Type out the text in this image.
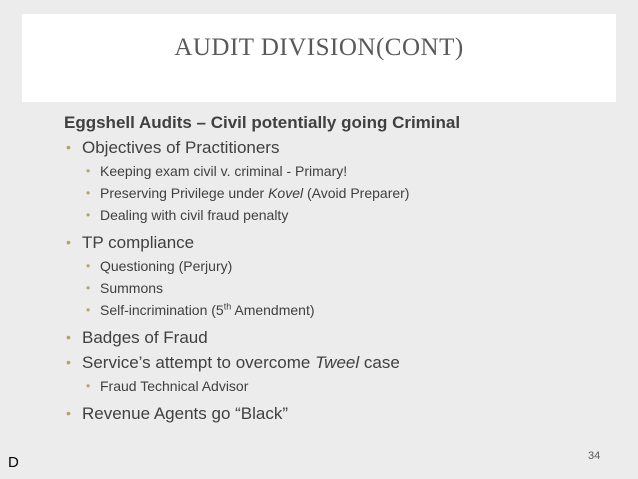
AUDIT DIVISION(CONT)
Eggshell Audits – Civil potentially going Criminal
• Objectives of Practitioners
• Keeping exam civil v. criminal - Primary!
• Preserving Privilege under Kovel (Avoid Preparer)
• Dealing with civil fraud penalty
• TP compliance
• Questioning (Perjury)
• Summons
• Self-incrimination (5th Amendment)
• Badges of Fraud
• Service’s attempt to overcome Tweel case
• Fraud Technical Advisor
• Revenue Agents go “Black”
34
D
